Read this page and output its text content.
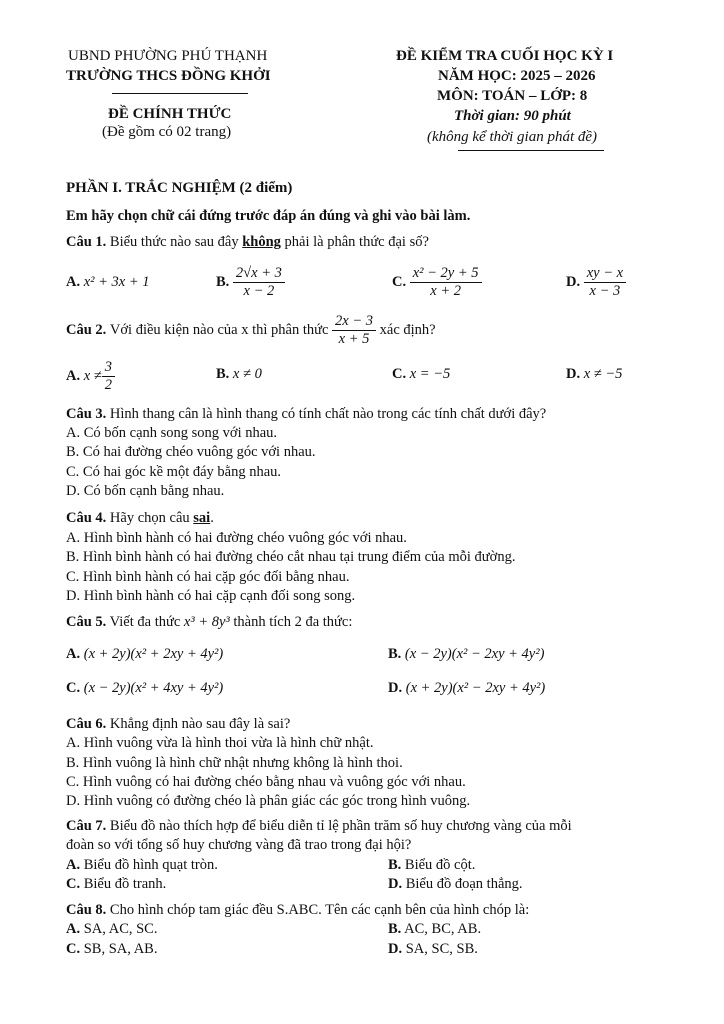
UBND PHƯỜNG PHÚ THẠNH
TRƯỜNG THCS ĐỒNG KHỞI
ĐỀ CHÍNH THỨC
(Đề gồm có 02 trang)
ĐỀ KIỂM TRA CUỐI HỌC KỲ I
NĂM HỌC: 2025 – 2026
MÔN: TOÁN – LỚP: 8
Thời gian: 90 phút
(không kể thời gian phát đề)
PHẦN I. TRẮC NGHIỆM (2 điểm)
Em hãy chọn chữ cái đứng trước đáp án đúng và ghi vào bài làm.
Câu 1. Biểu thức nào sau đây không phải là phân thức đại số?
A.
x² + 3x + 1	B.
$\frac{2√x + 3}{x - 2}$	C.
$\frac{\text{x² − 2y + 5}}{x + 2}$	D.
$\frac{xy - x}{x - 3}$
Câu 2.
Với điều kiện nào của x thì phân thức
$\frac{2x - 3}{x + 5}$
xác định?
A.
$x \ne \frac{3}{2}$	B. x ≠ 0	C. x = −5	D. x ≠ −5
Câu 3. Hình thang cân là hình thang có tính chất nào trong các tính chất dưới đây?
A. Có bốn cạnh song song với nhau.
B. Có hai đường chéo vuông góc với nhau.
C. Có hai góc kề một đáy bằng nhau.
D. Có bốn cạnh bằng nhau.
Câu 4. Hãy chọn câu sai.
A. Hình bình hành có hai đường chéo vuông góc với nhau.
B. Hình bình hành có hai đường chéo cắt nhau tại trung điểm của mỗi đường.
C. Hình bình hành có hai cặp góc đối bằng nhau.
D. Hình bình hành có hai cặp cạnh đối song song.
Câu 5. Viết đa thức x³ + 8y³ thành tích 2 đa thức:
A. (x + 2y)(x² + 2xy + 4y²)	B. (x − 2y)(x² − 2xy + 4y²)
C. (x − 2y)(x² + 4xy + 4y²)	D. (x + 2y)(x² − 2xy + 4y²)
Câu 6. Khẳng định nào sau đây là sai?
A. Hình vuông vừa là hình thoi vừa là hình chữ nhật.
B. Hình vuông là hình chữ nhật nhưng không là hình thoi.
C. Hình vuông có hai đường chéo bằng nhau và vuông góc với nhau.
D. Hình vuông có đường chéo là phân giác các góc trong hình vuông.
Câu 7. Biểu đồ nào thích hợp để biểu diễn tỉ lệ phần trăm số huy chương vàng của mỗi
đoàn so với tổng số huy chương vàng đã trao trong đại hội?
A. Biểu đồ hình quạt tròn.	B. Biểu đồ cột.
C. Biểu đồ tranh.	D. Biểu đồ đoạn thẳng.
Câu 8. Cho hình chóp tam giác đều S.ABC. Tên các cạnh bên của hình chóp là:
A. SA, AC, SC.	B. AC, BC, AB.
C. SB, SA, AB.	D. SA, SC, SB.
